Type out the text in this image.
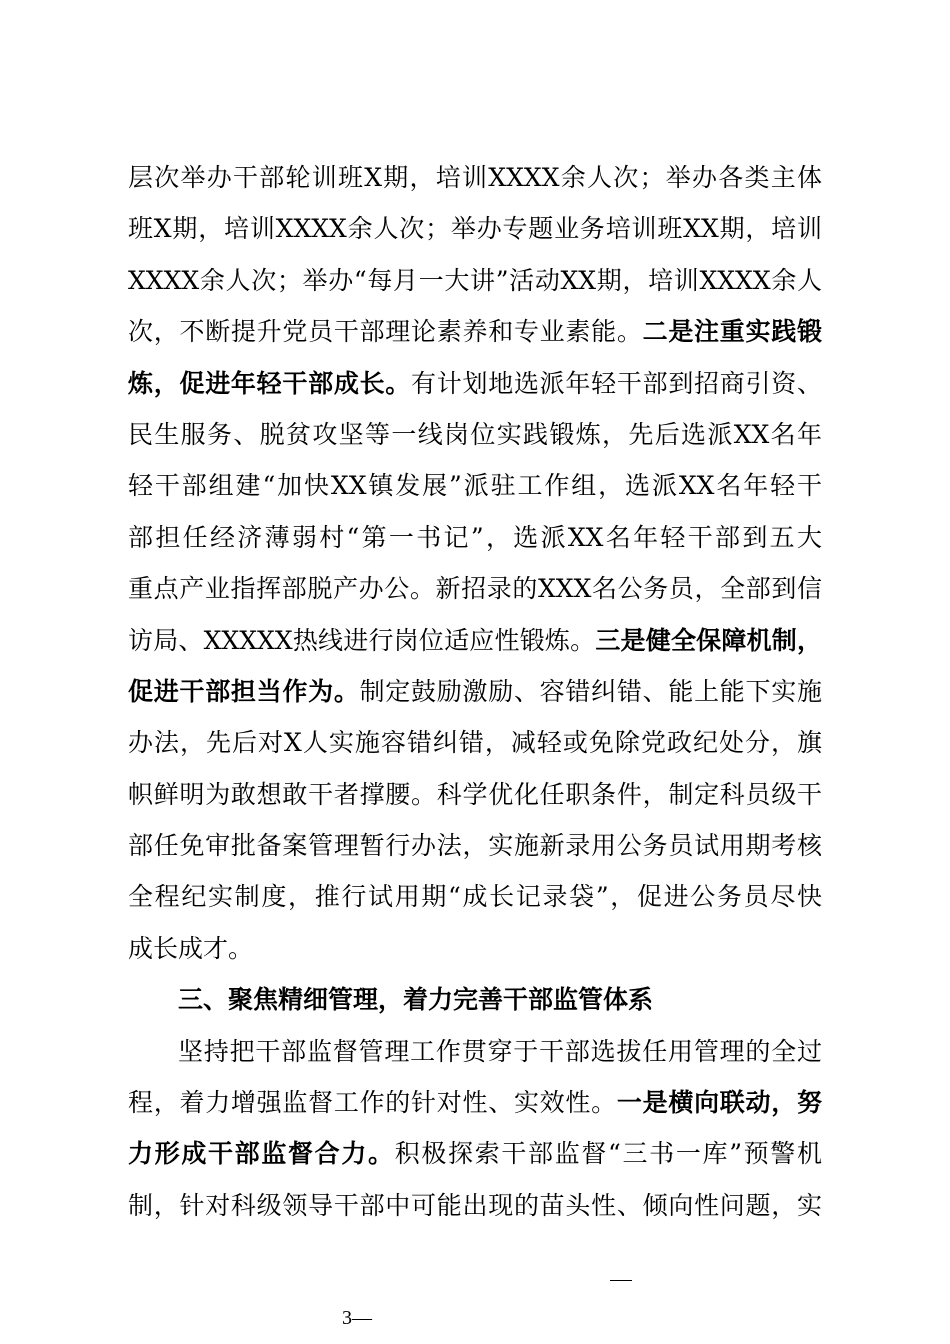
层次举办干部轮训班X期，培训XXXX余人次；举办各类主体
班X期，培训XXXX余人次；举办专题业务培训班XX期，培训
XXXX余人次；举办“每月一大讲”活动XX期，培训XXXX余人
次，不断提升党员干部理论素养和专业素能。二是注重实践锻
炼，促进年轻干部成长。有计划地选派年轻干部到招商引资、
民生服务、脱贫攻坚等一线岗位实践锻炼，先后选派XX名年
轻干部组建“加快XX镇发展”派驻工作组，选派XX名年轻干
部担任经济薄弱村“第一书记”，选派XX名年轻干部到五大
重点产业指挥部脱产办公。新招录的XXX名公务员，全部到信
访局、XXXXX热线进行岗位适应性锻炼。三是健全保障机制，
促进干部担当作为。制定鼓励激励、容错纠错、能上能下实施
办法，先后对X人实施容错纠错，减轻或免除党政纪处分，旗
帜鲜明为敢想敢干者撑腰。科学优化任职条件，制定科员级干
部任免审批备案管理暂行办法，实施新录用公务员试用期考核
全程纪实制度，推行试用期“成长记录袋”，促进公务员尽快
成长成才。
三、聚焦精细管理，着力完善干部监管体系
坚持把干部监督管理工作贯穿于干部选拔任用管理的全过
程，着力增强监督工作的针对性、实效性。一是横向联动，努
力形成干部监督合力。积极探索干部监督“三书一库”预警机
制，针对科级领导干部中可能出现的苗头性、倾向性问题，实
3—
